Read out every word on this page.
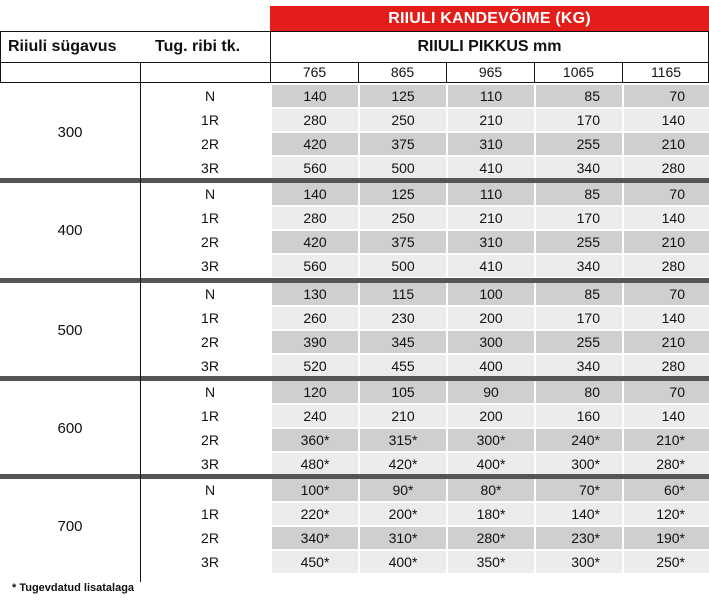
RIIULI KANDEVÕIME (KG)
Riiuli sügavus	Tug. ribi tk.	RIIULI PIKKUS mm
765	865	965	1065	1165
300
N	140	125	110	85	70
1R	280	250	210	170	140
2R	420	375	310	255	210
3R	560	500	410	340	280
400
N	140	125	110	85	70
1R	280	250	210	170	140
2R	420	375	310	255	210
3R	560	500	410	340	280
500
N	130	115	100	85	70
1R	260	230	200	170	140
2R	390	345	300	255	210
3R	520	455	400	340	280
600
N	120	105	90	80	70
1R	240	210	200	160	140
2R	360*	315*	300*	240*	210*
3R	480*	420*	400*	300*	280*
700
N	100*	90*	80*	70*	60*
1R	220*	200*	180*	140*	120*
2R	340*	310*	280*	230*	190*
3R	450*	400*	350*	300*	250*
* Tugevdatud lisatalaga
